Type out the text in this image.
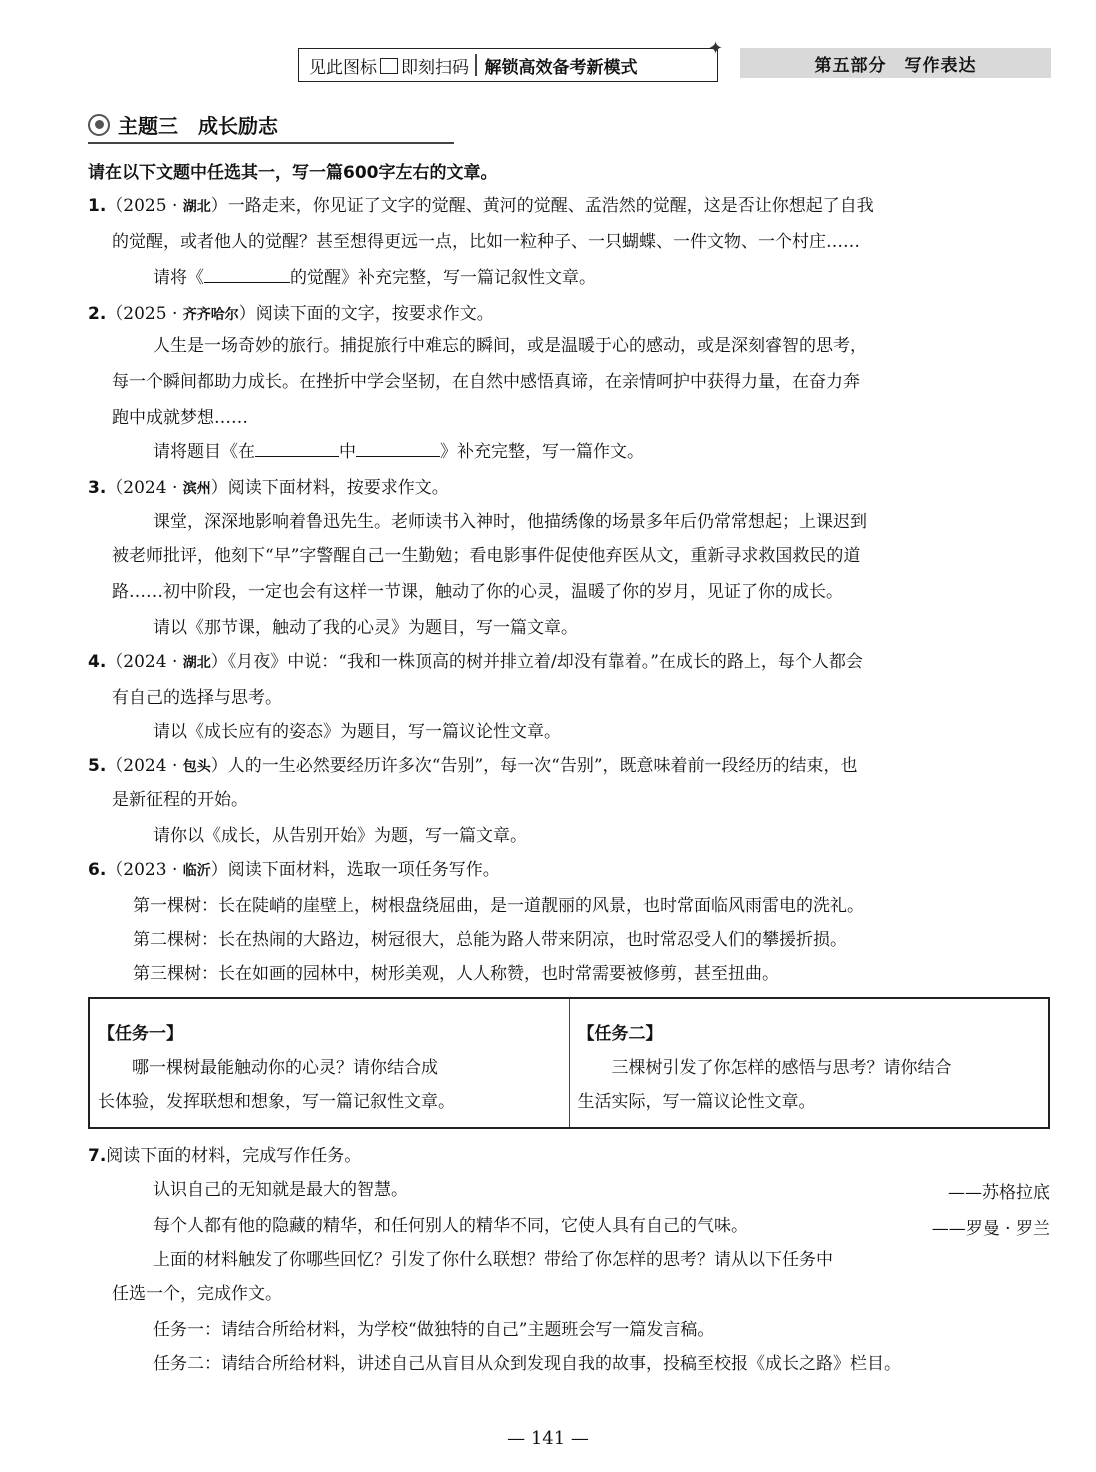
见此图标 即刻扫码 解锁高效备考新模式
✦
第五部分　写作表达
主题三　成长励志
请在以下文题中任选其一，写一篇600字左右的文章。
1.（2025 · 湖北）一路走来，你见证了文字的觉醒、黄河的觉醒、孟浩然的觉醒，这是否让你想起了自我
的觉醒，或者他人的觉醒？甚至想得更远一点，比如一粒种子、一只蝴蝶、一件文物、一个村庄……
请将《	的觉醒》补充完整，写一篇记叙性文章。
2.（2025 · 齐齐哈尔）阅读下面的文字，按要求作文。
人生是一场奇妙的旅行。捕捉旅行中难忘的瞬间，或是温暖于心的感动，或是深刻睿智的思考，
每一个瞬间都助力成长。在挫折中学会坚韧，在自然中感悟真谛，在亲情呵护中获得力量，在奋力奔
跑中成就梦想……
请将题目《在	中	》补充完整，写一篇作文。
3.（2024 · 滨州）阅读下面材料，按要求作文。
课堂，深深地影响着鲁迅先生。老师读书入神时，他描绣像的场景多年后仍常常想起；上课迟到
被老师批评，他刻下“早”字警醒自己一生勤勉；看电影事件促使他弃医从文，重新寻求救国救民的道
路……初中阶段，一定也会有这样一节课，触动了你的心灵，温暖了你的岁月，见证了你的成长。
请以《那节课，触动了我的心灵》为题目，写一篇文章。
4.（2024 · 湖北）《月夜》中说：“我和一株顶高的树并排立着/却没有靠着。”在成长的路上，每个人都会
有自己的选择与思考。
请以《成长应有的姿态》为题目，写一篇议论性文章。
5.（2024 · 包头）人的一生必然要经历许多次“告别”，每一次“告别”，既意味着前一段经历的结束，也
是新征程的开始。
请你以《成长，从告别开始》为题，写一篇文章。
6.（2023 · 临沂）阅读下面材料，选取一项任务写作。
第一棵树：长在陡峭的崖壁上，树根盘绕屈曲，是一道靓丽的风景，也时常面临风雨雷电的洗礼。
第二棵树：长在热闹的大路边，树冠很大，总能为路人带来阴凉，也时常忍受人们的攀援折损。
第三棵树：长在如画的园林中，树形美观，人人称赞，也时常需要被修剪，甚至扭曲。
【任务一】
哪一棵树最能触动你的心灵？请你结合成
长体验，发挥联想和想象，写一篇记叙性文章。

【任务二】
三棵树引发了你怎样的感悟与思考？请你结合
生活实际，写一篇议论性文章。
7.阅读下面的材料，完成写作任务。
认识自己的无知就是最大的智慧。	——苏格拉底
每个人都有他的隐藏的精华，和任何别人的精华不同，它使人具有自己的气味。	——罗曼 · 罗兰
上面的材料触发了你哪些回忆？引发了你什么联想？带给了你怎样的思考？请从以下任务中
任选一个，完成作文。
任务一：请结合所给材料，为学校“做独特的自己”主题班会写一篇发言稿。
任务二：请结合所给材料，讲述自己从盲目从众到发现自我的故事，投稿至校报《成长之路》栏目。
— 141 —
